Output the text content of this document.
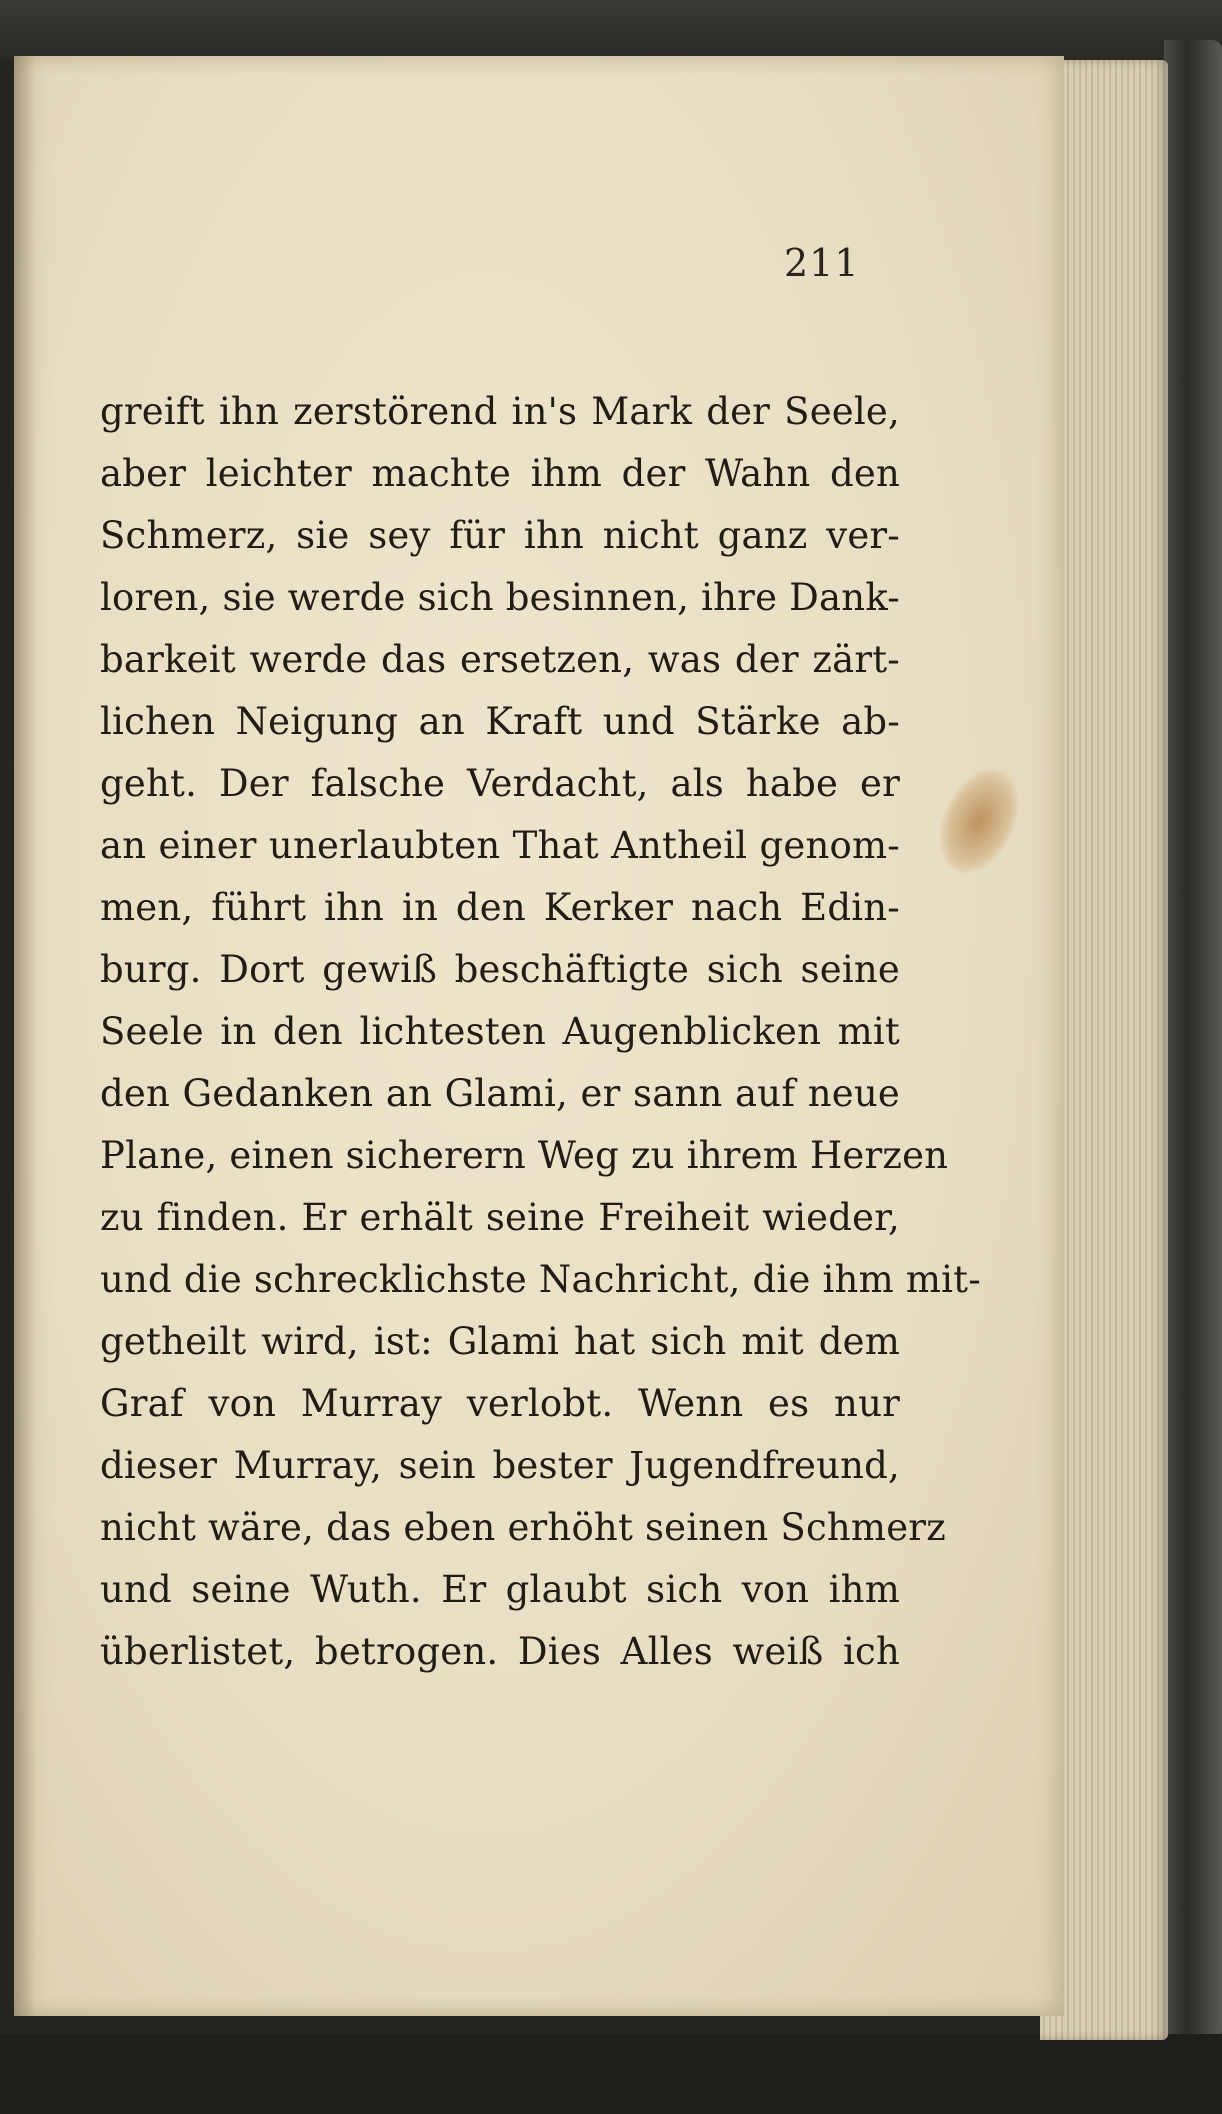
211
greift ihn zerstörend in's Mark der Seele,
aber leichter machte ihm der Wahn den
Schmerz, sie sey für ihn nicht ganz ver-
loren, sie werde sich besinnen, ihre Dank-
barkeit werde das ersetzen, was der zärt-
lichen Neigung an Kraft und Stärke ab-
geht. Der falsche Verdacht, als habe er
an einer unerlaubten That Antheil genom-
men, führt ihn in den Kerker nach Edin-
burg. Dort gewiß beschäftigte sich seine
Seele in den lichtesten Augenblicken mit
den Gedanken an Glami, er sann auf neue
Plane, einen sicherern Weg zu ihrem Herzen
zu finden. Er erhält seine Freiheit wieder,
und die schrecklichste Nachricht, die ihm mit-
getheilt wird, ist: Glami hat sich mit dem
Graf von Murray verlobt. Wenn es nur
dieser Murray, sein bester Jugendfreund,
nicht wäre, das eben erhöht seinen Schmerz
und seine Wuth. Er glaubt sich von ihm
überlistet, betrogen. Dies Alles weiß ich
